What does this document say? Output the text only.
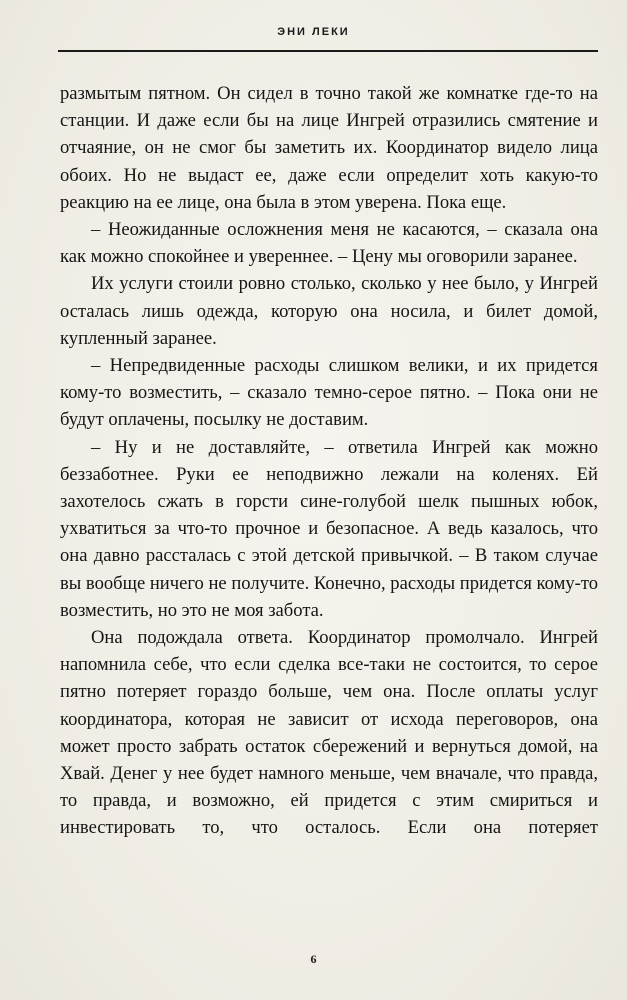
ЭНИ ЛЕКИ

размытым пятном. Он сидел в точно такой же комнатке где-то на станции. И даже если бы на лице Ингрей отразились смятение и отчаяние, он не смог бы заметить их. Координатор видело лица обоих. Но не выдаст ее, даже если определит хоть какую-то реакцию на ее лице, она была в этом уверена. Пока еще.

– Неожиданные осложнения меня не касаются, – сказала она как можно спокойнее и увереннее. – Цену мы оговорили заранее.

Их услуги стоили ровно столько, сколько у нее было, у Ингрей осталась лишь одежда, которую она носила, и билет домой, купленный заранее.

– Непредвиденные расходы слишком велики, и их придется кому-то возместить, – сказало темно-серое пятно. – Пока они не будут оплачены, посылку не доставим.

– Ну и не доставляйте, – ответила Ингрей как можно беззаботнее. Руки ее неподвижно лежали на коленях. Ей захотелось сжать в горсти сине-голубой шелк пышных юбок, ухватиться за что-то прочное и безопасное. А ведь казалось, что она давно рассталась с этой детской привычкой. – В таком случае вы вообще ничего не получите. Конечно, расходы придется кому-то возместить, но это не моя забота.

Она подождала ответа. Координатор промолчало. Ингрей напомнила себе, что если сделка все-таки не состоится, то серое пятно потеряет гораздо больше, чем она. После оплаты услуг координатора, которая не зависит от исхода переговоров, она может просто забрать остаток сбережений и вернуться домой, на Хвай. Денег у нее будет намного меньше, чем вначале, что правда, то правда, и возможно, ей придется с этим смириться и инвестировать то, что осталось. Если она потеряет

6
